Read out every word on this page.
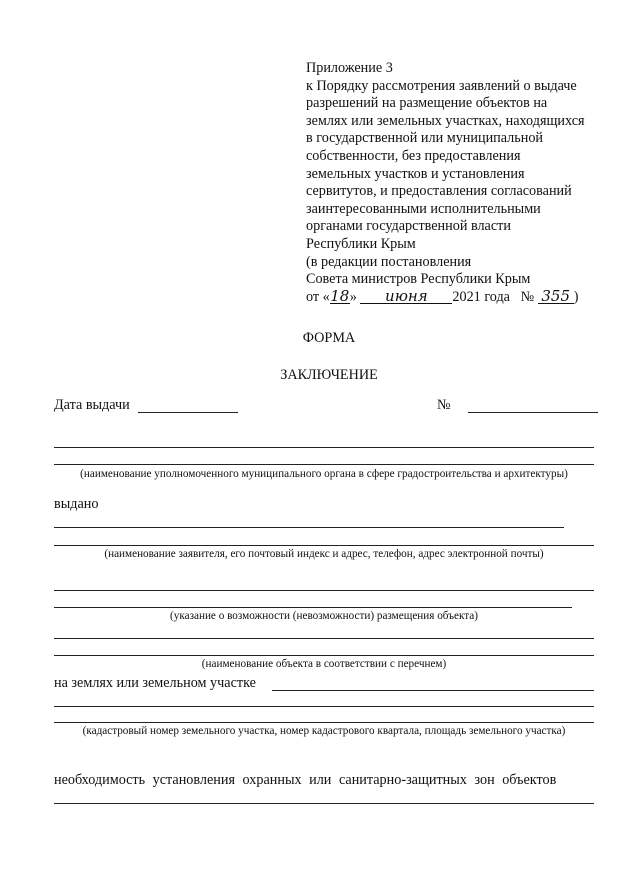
Приложение 3
к Порядку рассмотрения заявлений о выдаче
разрешений на размещение объектов на
землях или земельных участках, находящихся
в государственной или муниципальной
собственности, без предоставления
земельных участков и установления
сервитутов, и предоставления согласований
заинтересованными исполнительными
органами государственной власти
Республики Крым
(в редакции постановления
Совета министров Республики Крым
от «18» июня 2021 года № 355 )
ФОРМА
ЗАКЛЮЧЕНИЕ
Дата выдачи	№
(наименование уполномоченного муниципального органа в сфере градостроительства и архитектуры)
выдано
(наименование заявителя, его почтовый индекс и адрес, телефон, адрес электронной почты)
(указание о возможности (невозможности) размещения объекта)
(наименование объекта в соответствии с перечнем)
на землях или земельном участке
(кадастровый номер земельного участка, номер кадастрового квартала, площадь земельного участка)
необходимость установления охранных или санитарно-защитных зон объектов
